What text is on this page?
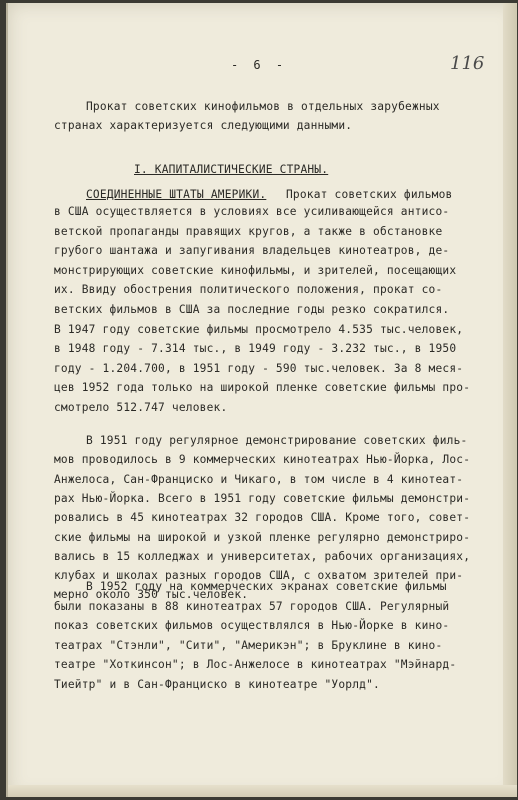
- 6 -	116
Прокат советских кинофильмов в отдельных зарубежных
странах характеризуется следующими данными.
I. КАПИТАЛИСТИЧЕСКИЕ СТРАНЫ.
СОЕДИНЕННЫЕ ШТАТЫ АМЕРИКИ. Прокат советских фильмов
в США осуществляется в условиях все усиливающейся антисо-
ветской пропаганды правящих кругов, а также в обстановке
грубого шантажа и запугивания владельцев кинотеатров, де-
монстрирующих советские кинофильмы, и зрителей, посещающих
их. Ввиду обострения политического положения, прокат со-
ветских фильмов в США за последние годы резко сократился.
В 1947 году советские фильмы просмотрело 4.535 тыс.человек,
в 1948 году - 7.314 тыс., в 1949 году - 3.232 тыс., в 1950
году - 1.204.700, в 1951 году - 590 тыс.человек. За 8 меся-
цев 1952 года только на широкой пленке советские фильмы про-
смотрело 512.747 человек.
В 1951 году регулярное демонстрирование советских филь-
мов проводилось в 9 коммерческих кинотеатрах Нью-Йорка, Лос-
Анжелоса, Сан-Франциско и Чикаго, в том числе в 4 кинотеат-
рах Нью-Йорка. Всего в 1951 году советские фильмы демонстри-
ровались в 45 кинотеатрах 32 городов США. Кроме того, совет-
ские фильмы на широкой и узкой пленке регулярно демонстриро-
вались в 15 колледжах и университетах, рабочих организациях,
клубах и школах разных городов США, с охватом зрителей при-
мерно около 350 тыс.человек.
В 1952 году на коммерческих экранах советские фильмы
были показаны в 88 кинотеатрах 57 городов США. Регулярный
показ советских фильмов осуществлялся в Нью-Йорке в кино-
театрах "Стэнли", "Сити", "Америкэн"; в Бруклине в кино-
театре "Хоткинсон"; в Лос-Анжелосе в кинотеатрах "Мэйнард-
Тиейтр" и в Сан-Франциско в кинотеатре "Уорлд".
